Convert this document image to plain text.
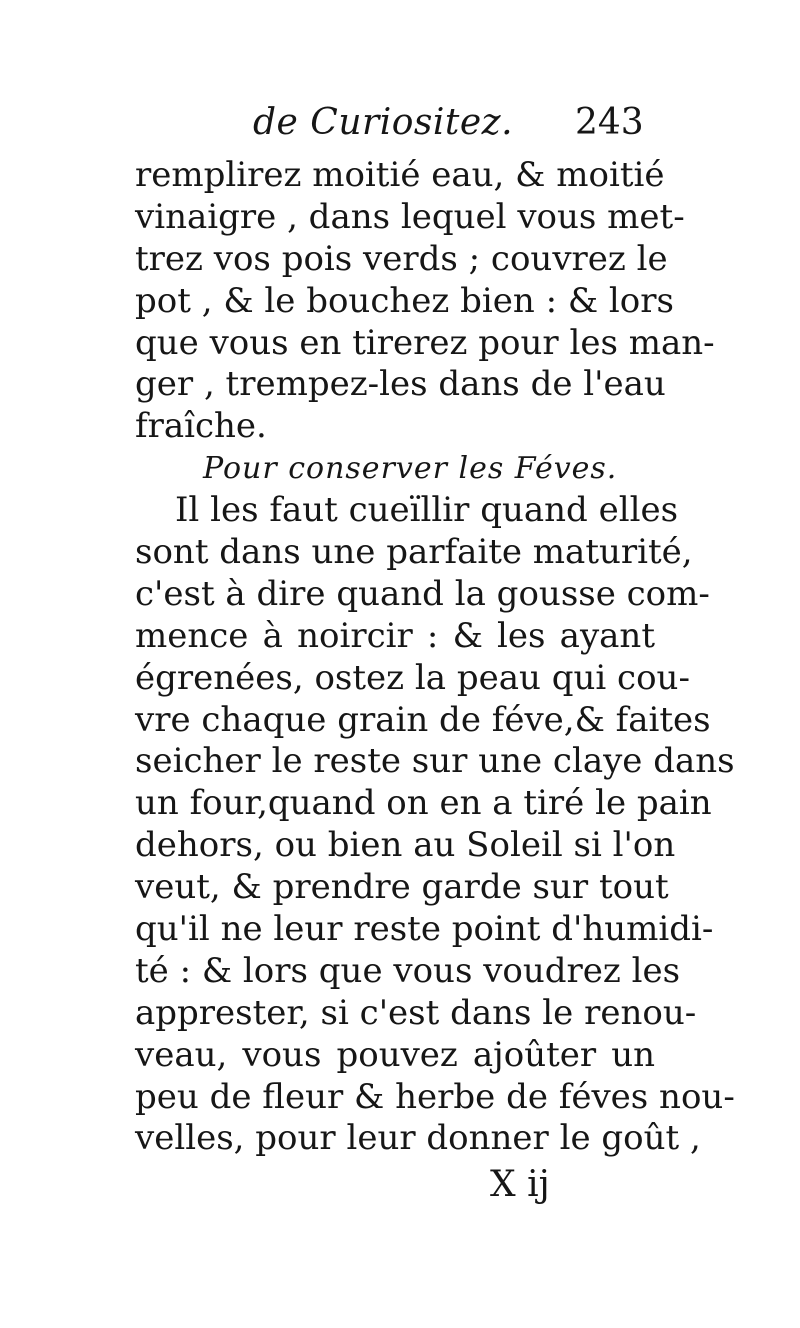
de Curiositez. 243
remplirez moitié eau, & moitié
vinaigre , dans lequel vous met-
trez vos pois verds ; couvrez le
pot , & le bouchez bien : & lors
que vous en tirerez pour les man-
ger , trempez-les dans de l'eau
fraîche.
Pour conserver les Féves.
Il les faut cueïllir quand elles
sont dans une parfaite maturité,
c'est à dire quand la gousse com-
mence à noircir : & les ayant
égrenées, ostez la peau qui cou-
vre chaque grain de féve,& faites
seicher le reste sur une claye dans
un four,quand on en a tiré le pain
dehors, ou bien au Soleil si l'on
veut, & prendre garde sur tout
qu'il ne leur reste point d'humidi-
té : & lors que vous voudrez les
apprester, si c'est dans le renou-
veau, vous pouvez ajoûter un
peu de fleur & herbe de féves nou-
velles, pour leur donner le goût ,
X ij
